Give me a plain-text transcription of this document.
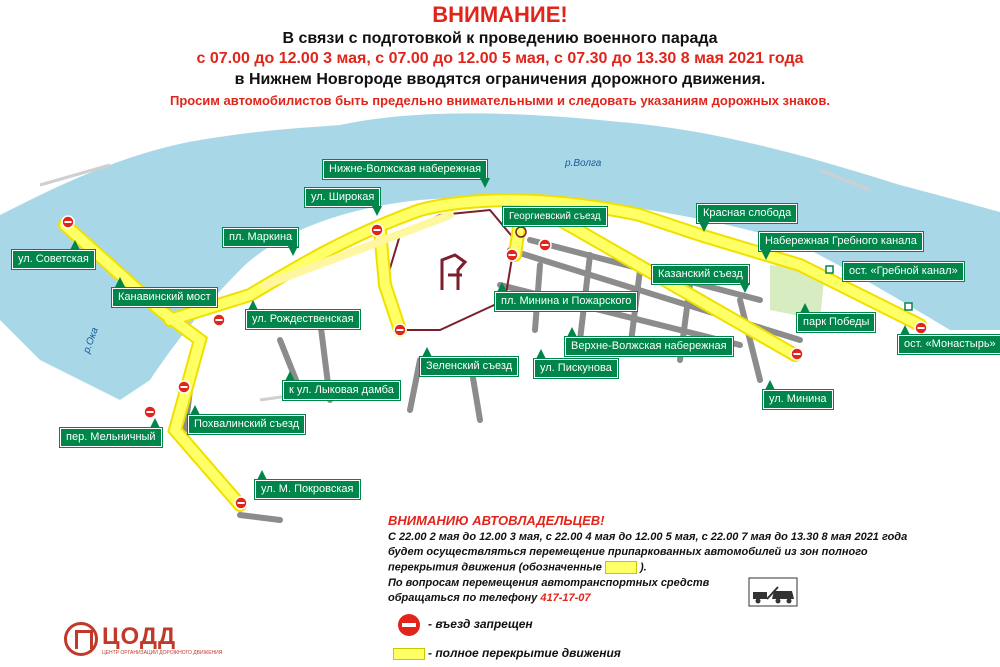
ВНИМАНИЕ!
В связи с подготовкой к проведению военного парада
с 07.00 до 12.00 3 мая, с 07.00 до 12.00 5 мая, с 07.30 до 13.30 8 мая 2021 года
в Нижнем Новгороде вводятся ограничения дорожного движения.
Просим автомобилистов быть предельно внимательными и следовать указаниям дорожных знаков.
р.Волга
р.Ока
ул. Советская
Канавинский мост
пер. Мельничный
Похвалинский съезд
ул. М. Покровская
пл. Маркина
ул. Широкая
Нижне-Волжская набережная
Георгиевский съезд	Красная слобода
Набережная Гребного канала
ост. «Гребной канал»
Казанский съезд
парк Победы
ост. «Монастырь»
ул. Рождественская
к ул. Лыковая дамба
Зеленский съезд
пл. Минина и Пожарского
Верхне-Волжская набережная
ул. Пискунова
ул. Минина
ВНИМАНИЮ АВТОВЛАДЕЛЬЦЕВ!
С 22.00 2 мая до 12.00 3 мая, с 22.00 4 мая до 12.00 5 мая, с 22.00 7 мая до 13.30 8 мая 2021 года
будет осуществляться перемещение припаркованных автомобилей из зон полного
перекрытия движения (обозначенные	).
По вопросам перемещения автотранспортных средств
обращаться по телефону 417-17-07
- въезд запрещен
- полное перекрытие движения
ЦОДД
ЦЕНТР ОРГАНИЗАЦИИ ДОРОЖНОГО ДВИЖЕНИЯ
